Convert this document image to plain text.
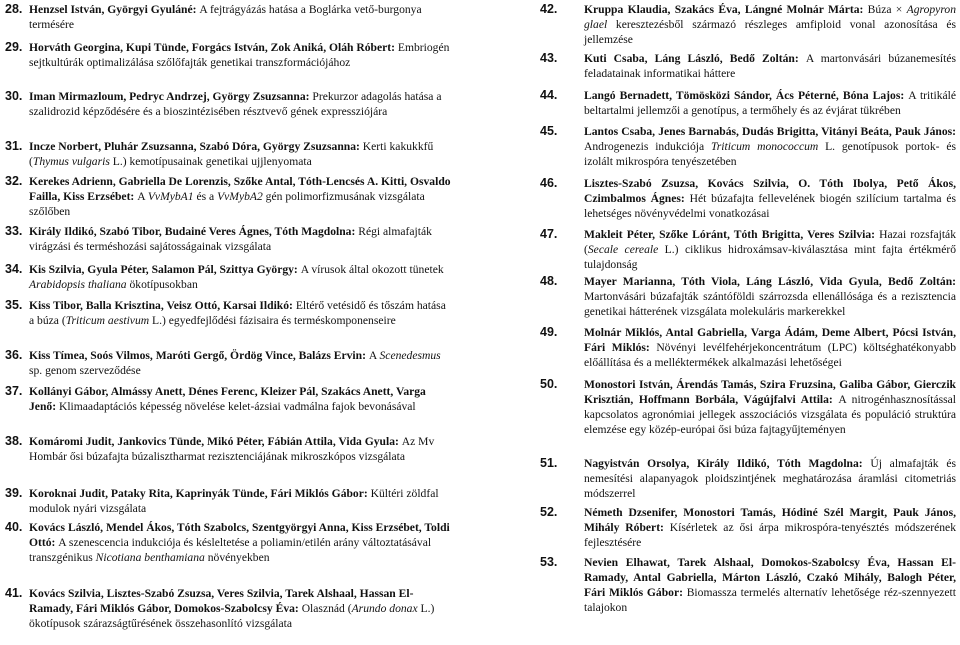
28. Henzsel István, Györgyi Gyuláné: A fejtrágyázás hatása a Boglárka vető-burgonya termésére
29. Horváth Georgina, Kupi Tünde, Forgács István, Zok Aniká, Oláh Róbert: Embriogén sejtkultúrák optimalizálása szőlőfajták genetikai transzformációjához
30. Iman Mirmazloum, Pedryc Andrzej, György Zsuzsanna: Prekurzor adagolás hatása a szalidrozid képződésére és a bioszintézisében résztvevő gének expressziójára
31. Incze Norbert, Pluhár Zsuzsanna, Szabó Dóra, György Zsuzsanna: Kerti kakukkfű (Thymus vulgaris L.) kemotípusainak genetikai ujjlenyomata
32. Kerekes Adrienn, Gabriella De Lorenzis, Szőke Antal, Tóth-Lencsés A. Kitti, Osvaldo Failla, Kiss Erzsébet: A VvMybA1 és a VvMybA2 gén polimorfizmusának vizsgálata szőlőben
33. Király Ildikó, Szabó Tibor, Budainé Veres Ágnes, Tóth Magdolna: Régi almafajták virágzási és terméshozási sajátosságainak vizsgálata
34. Kis Szilvia, Gyula Péter, Salamon Pál, Szittya György: A vírusok által okozott tünetek Arabidopsis thaliana ökotípusokban
35. Kiss Tibor, Balla Krisztina, Veisz Ottó, Karsai Ildikó: Eltérő vetésidő és tőszám hatása a búza (Triticum aestivum L.) egyedfejlődési fázisaira és terméskomponenseire
36. Kiss Tímea, Soós Vilmos, Maróti Gergő, Ördög Vince, Balázs Ervin: A Scenedesmus sp. genom szerveződése
37. Kollányi Gábor, Almássy Anett, Dénes Ferenc, Kleizer Pál, Szakács Anett, Varga Jenő: Klimaadaptációs képesség növelése kelet-ázsiai vadmálna fajok bevonásával
38. Komáromi Judit, Jankovics Tünde, Mikó Péter, Fábián Attila, Vida Gyula: Az Mv Hombár ősi búzafajta búzalisztharmat rezisztenciájának mikroszkópos vizsgálata
39. Koroknai Judit, Pataky Rita, Kaprinyák Tünde, Fári Miklós Gábor: Kültéri zöldfal modulok nyári vizsgálata
40. Kovács László, Mendel Ákos, Tóth Szabolcs, Szentgyörgyi Anna, Kiss Erzsébet, Toldi Ottó: A szenescencia indukciója és késleltetése a poliamin/etilén arány változtatásával transzgénikus Nicotiana benthamiana növényekben
41. Kovács Szilvia, Lisztes-Szabó Zsuzsa, Veres Szilvia, Tarek Alshaal, Hassan El-Ramady, Fári Miklós Gábor, Domokos-Szabolcsy Éva: Olasznád (Arundo donax L.) ökotípusok szárazságtűrésének összehasonlító vizsgálata
42. Kruppa Klaudia, Szakács Éva, Lángné Molnár Márta: Búza × Agropyron glael keresztezésből származó részleges amfiploid vonal azonosítása és jellemzése
43. Kuti Csaba, Láng László, Bedő Zoltán: A martonvásári búzanemesítés feladatainak informatikai háttere
44. Langó Bernadett, Tömösközi Sándor, Ács Péterné, Bóna Lajos: A tritikálé beltartalmi jellemzői a genotípus, a termőhely és az évjárat tükrében
45. Lantos Csaba, Jenes Barnabás, Dudás Brigitta, Vitányi Beáta, Pauk János: Androgenezis indukciója Triticum monococcum L. genotípusok portok- és izolált mikrospóra tenyészetében
46. Lisztes-Szabó Zsuzsa, Kovács Szilvia, O. Tóth Ibolya, Pető Ákos, Czimbalmos Ágnes: Hét búzafajta fellevelének biogén szilícium tartalma és lehetséges növényvédelmi vonatkozásai
47. Makleit Péter, Szőke Lóránt, Tóth Brigitta, Veres Szilvia: Hazai rozsfajták (Secale cereale L.) ciklikus hidroxámsav-kiválasztása mint fajta értékmérő tulajdonság
48. Mayer Marianna, Tóth Viola, Láng László, Vida Gyula, Bedő Zoltán: Martonvásári búzafajták szántóföldi szárrozsda ellenállósága és a rezisztencia genetikai hátterének vizsgálata molekuláris markerekkel
49. Molnár Miklós, Antal Gabriella, Varga Ádám, Deme Albert, Pócsi István, Fári Miklós: Növényi levélfehérjekoncentrátum (LPC) költséghatékonyabb előállítása és a melléktermékek alkalmazási lehetőségei
50. Monostori István, Árendás Tamás, Szira Fruzsina, Galiba Gábor, Gierczik Krisztián, Hoffmann Borbála, Vágújfalvi Attila: A nitrogénhasznosítással kapcsolatos agronómiai jellegek asszociációs vizsgálata és populáció struktúra elemzése egy közép-európai ősi búza fajtagyűjteményen
51. Nagyistván Orsolya, Király Ildikó, Tóth Magdolna: Új almafajták és nemesítési alapanyagok ploidszintjének meghatározása áramlási citometriás módszerrel
52. Németh Dzsenifer, Monostori Tamás, Hódiné Szél Margit, Pauk János, Mihály Róbert: Kísérletek az ősi árpa mikrospóra-tenyésztés módszerének fejlesztésére
53. Nevien Elhawat, Tarek Alshaal, Domokos-Szabolcsy Éva, Hassan El-Ramady, Antal Gabriella, Márton László, Czakó Mihály, Balogh Péter, Fári Miklós Gábor: Biomassza termelés alternatív lehetősége réz-szennyezett talajokon
